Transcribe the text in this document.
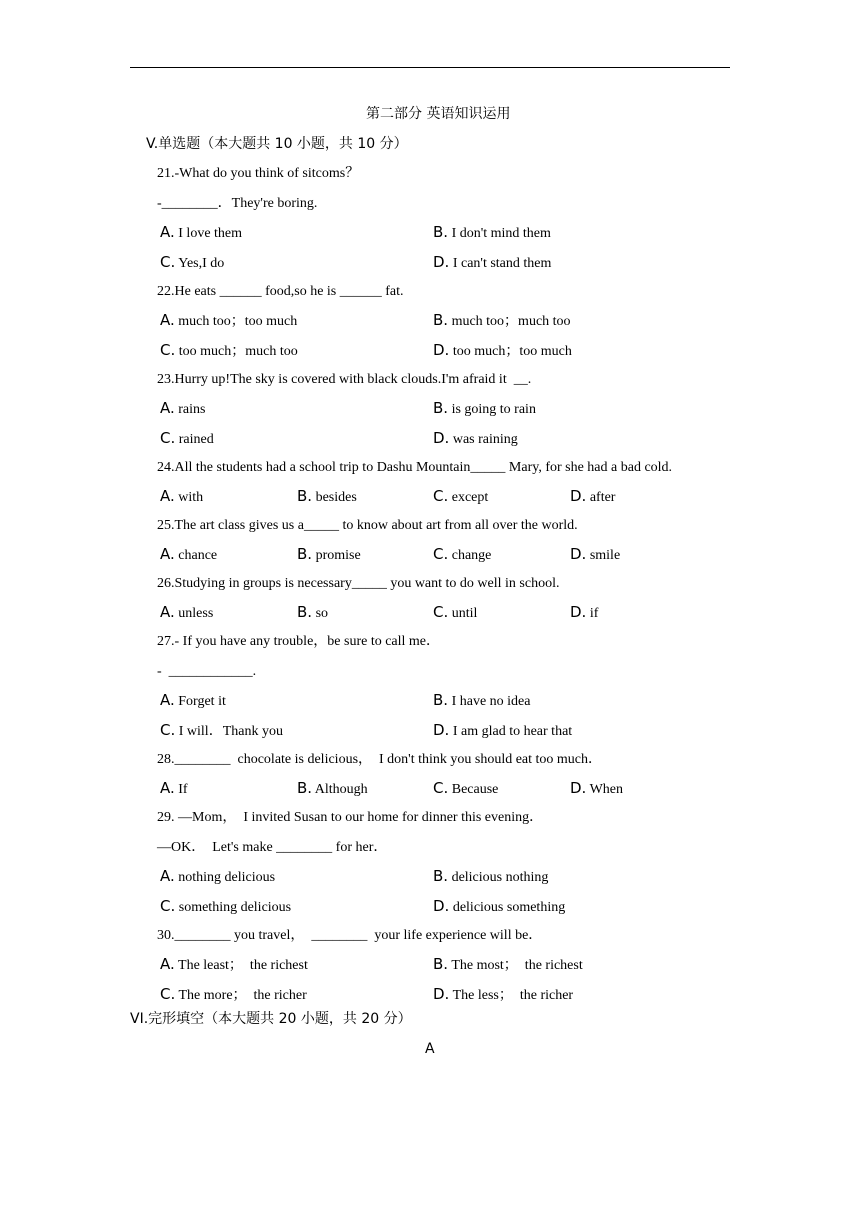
第二部分 英语知识运用
V.单选题（本大题共 10 小题，共 10 分）
21.-What do you think of sitcoms？
-________．They're boring.
A. I love them	B. I don't mind them
C. Yes,I do	D. I can't stand them
22.He eats ______ food,so he is ______ fat.
A. much too；too much	B. much too；much too
C. too much；much too	D. too much；too much
23.Hurry up!The sky is covered with black clouds.I'm afraid it  __.
A. rains	B. is going to rain
C. rained	D. was raining
24.All the students had a school trip to Dashu Mountain_____ Mary, for she had a bad cold.
A. with	B. besides	C. except	D. after
25.The art class gives us a_____ to know about art from all over the world.
A. chance	B. promise	C. change	D. smile
26.Studying in groups is necessary_____ you want to do well in school.
A. unless	B. so	C. until	D. if
27.- If you have any trouble，be sure to call me．
-  ____________.
A. Forget it	B. I have no idea
C. I will．Thank you	D. I am glad to hear that
28.________  chocolate is delicious，  I don't think you should eat too much．
A. If	B. Although	C. Because	D. When
29. —Mom，  I invited Susan to our home for dinner this evening．
—OK．  Let's make ________ for her．
A. nothing delicious	B. delicious nothing
C. something delicious	D. delicious something
30.________ you travel，  ________  your life experience will be．
A. The least；  the richest	B. The most；  the richest
C. The more；  the richer	D. The less；  the richer
VI.完形填空（本大题共 20 小题，共 20 分）
A
